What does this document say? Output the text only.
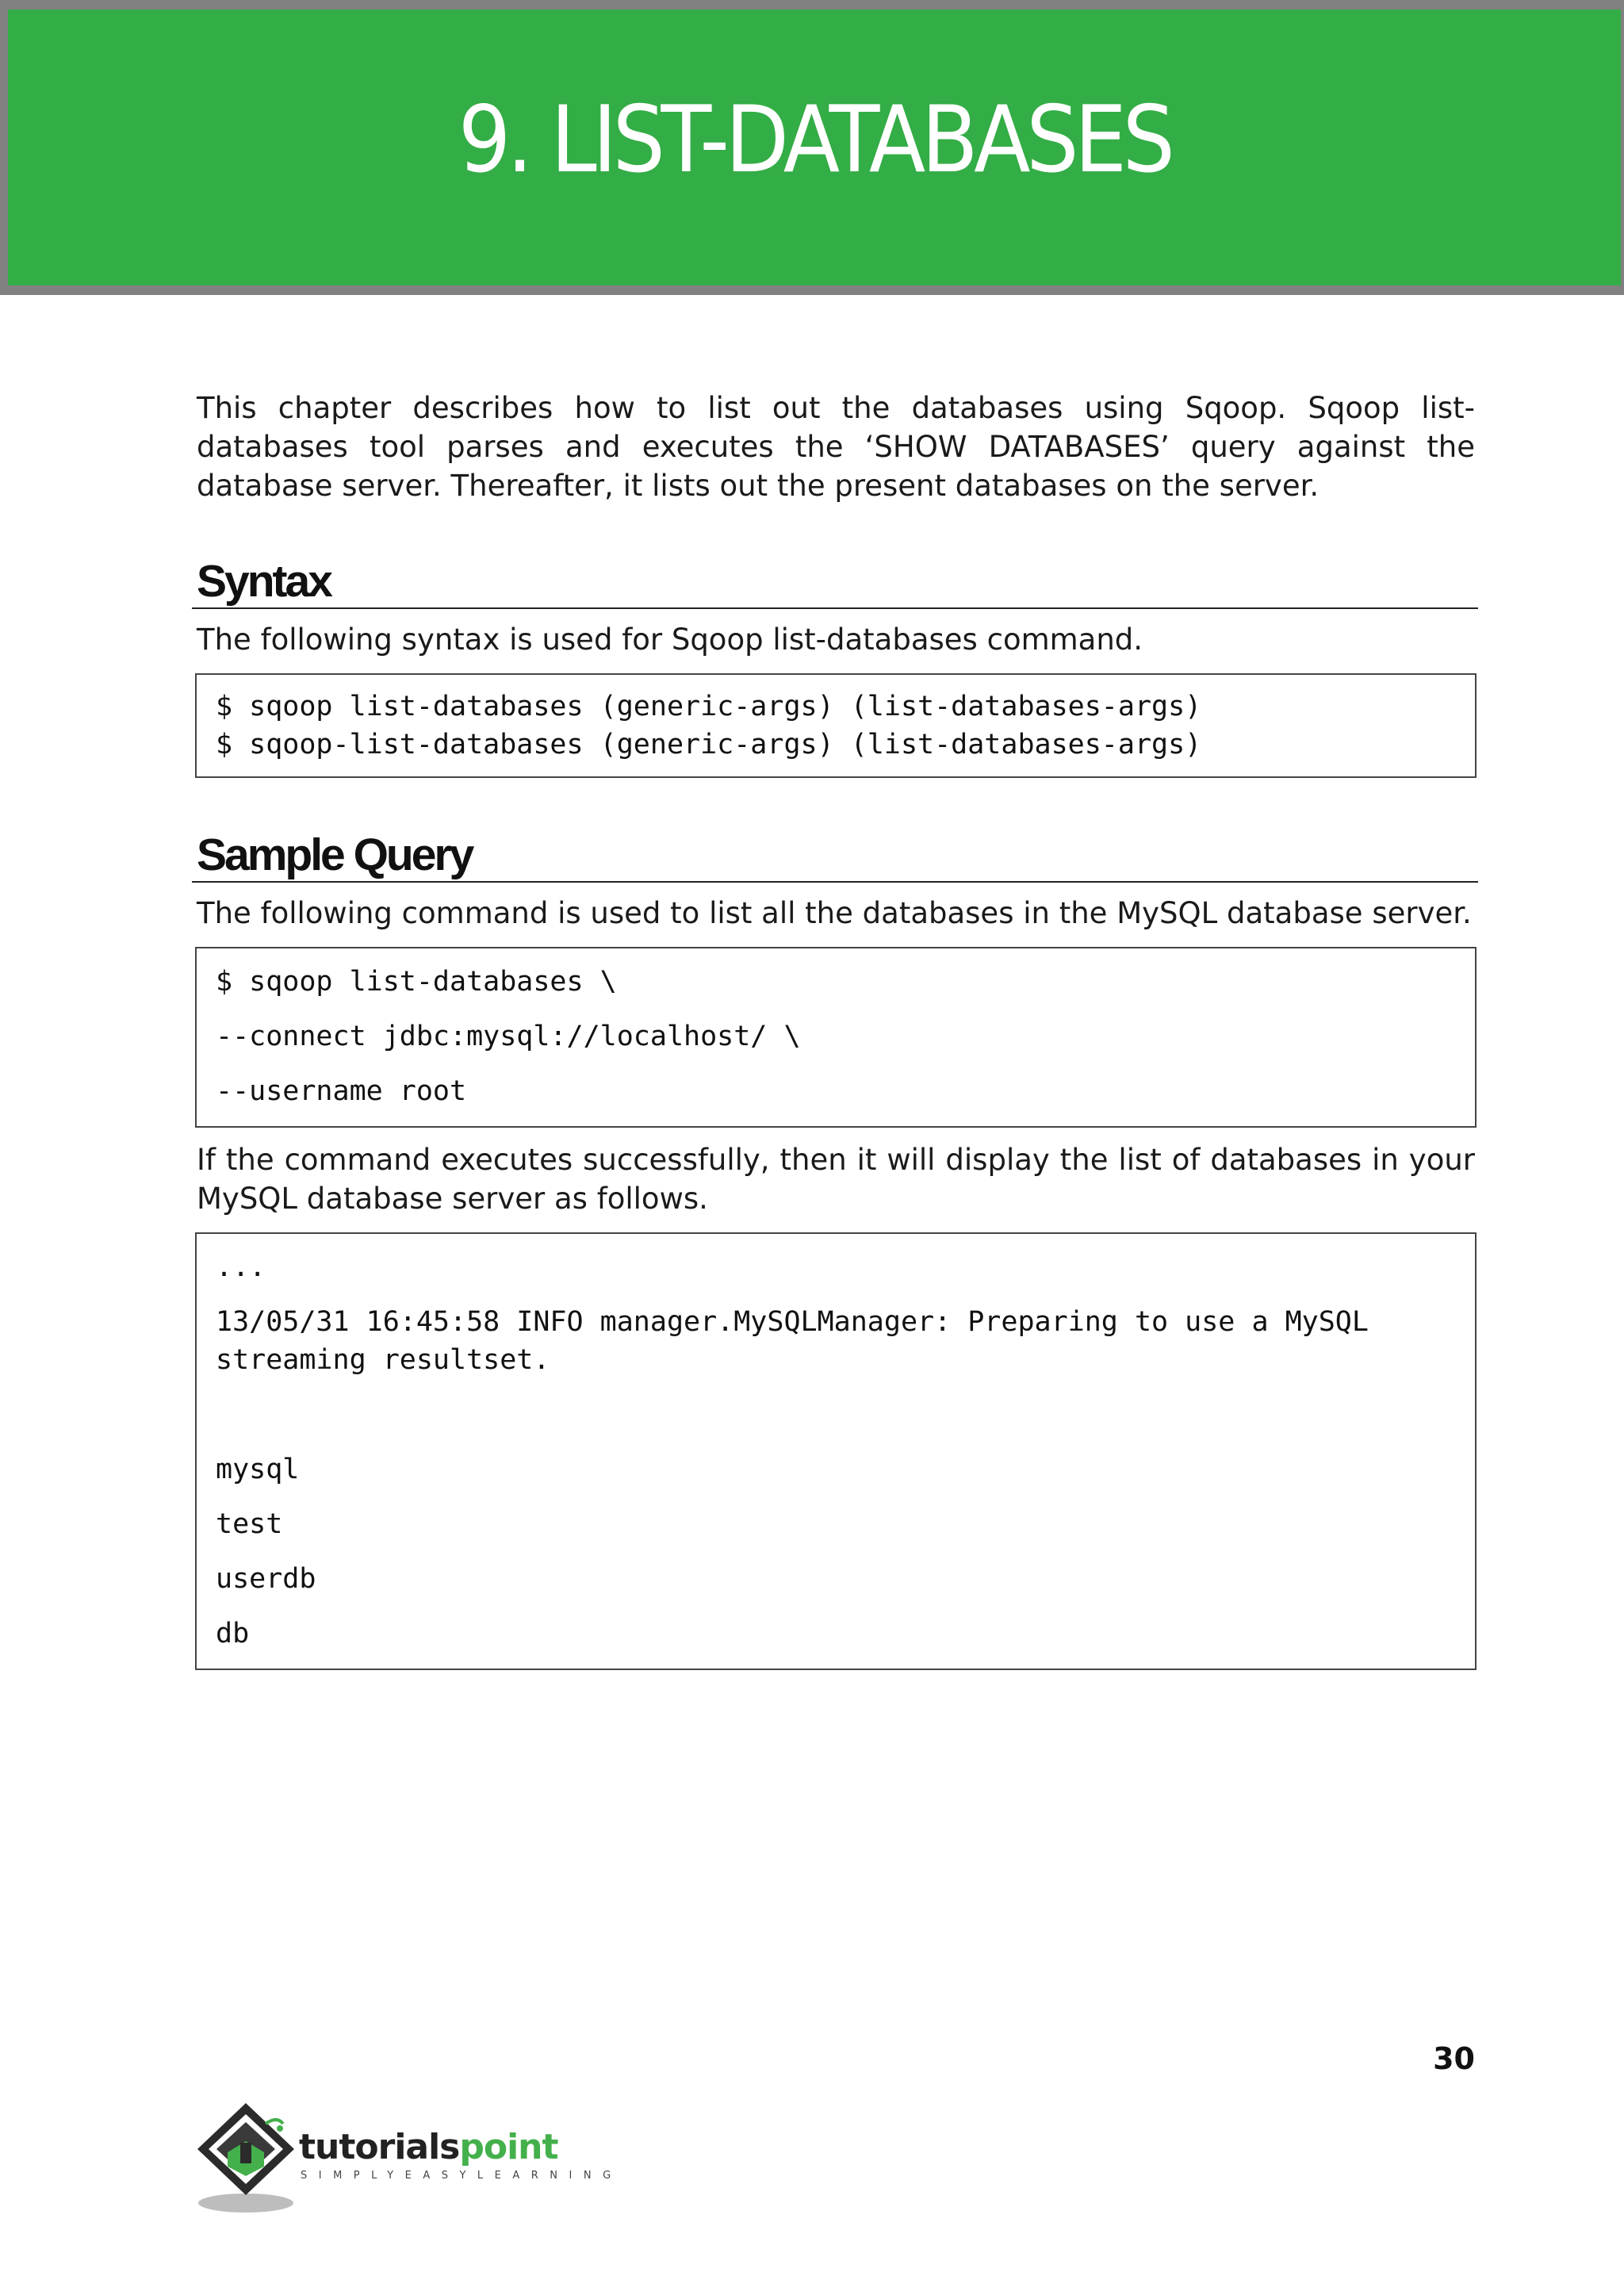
9. LIST-DATABASES

This chapter describes how to list out the databases using Sqoop. Sqoop list-

databases tool parses and executes the ‘SHOW DATABASES’ query against the

database server. Thereafter, it lists out the present databases on the server.

Syntax

The following syntax is used for Sqoop list-databases command.

$ sqoop list-databases (generic-args) (list-databases-args)
$ sqoop-list-databases (generic-args) (list-databases-args)
Sample Query

The following command is used to list all the databases in the MySQL database server.

$ sqoop list-databases \
--connect jdbc:mysql://localhost/ \
--username root

If the command executes successfully, then it will display the list of databases in your

MySQL database server as follows.

...
13/05/31 16:45:58 INFO manager.MySQLManager: Preparing to use a MySQL
streaming resultset.
mysql
test
userdb
db
30
tutorialspoint
SIMPLYEASYLEARNING
